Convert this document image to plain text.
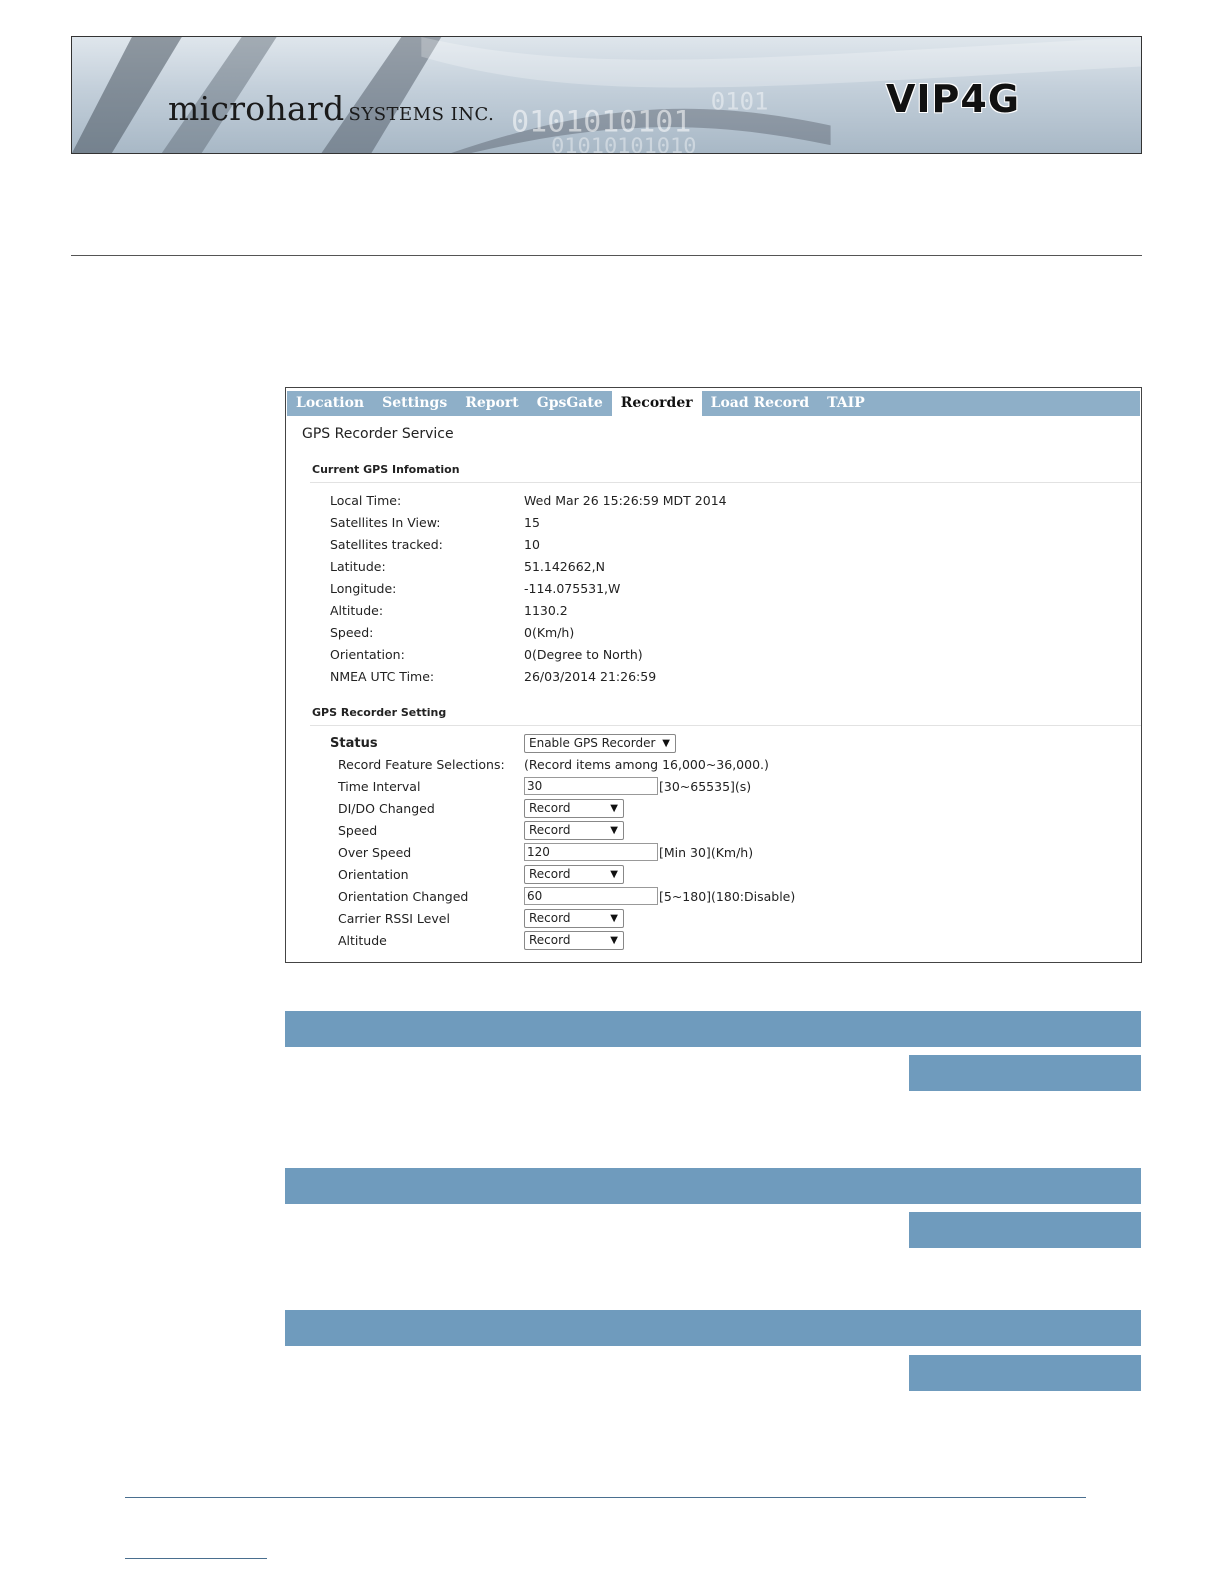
0101010101
01010101010
0101
microhard SYSTEMS INC.	VIP4G
Location	Settings	Report	GpsGate	Recorder	Load Record	TAIP
GPS Recorder Service
Current GPS Infomation
Local Time:	Wed Mar 26 15:26:59 MDT 2014
Satellites In View:	15
Satellites tracked:	10
Latitude:	51.142662,N
Longitude:	-114.075531,W
Altitude:	1130.2
Speed:	0(Km/h)
Orientation:	0(Degree to North)
NMEA UTC Time:	26/03/2014 21:26:59
GPS Recorder Setting
Status	Enable GPS Recorder ▼
Record Feature Selections: (Record items among 16,000~36,000.)
Time Interval	30	[30~65535](s)
DI/DO Changed	Record	▼
Speed	Record	▼
Over Speed	120	[Min 30](Km/h)
Orientation	Record	▼
Orientation Changed	60	[5~180](180:Disable)
Carrier RSSI Level	Record	▼
Altitude	Record	▼
